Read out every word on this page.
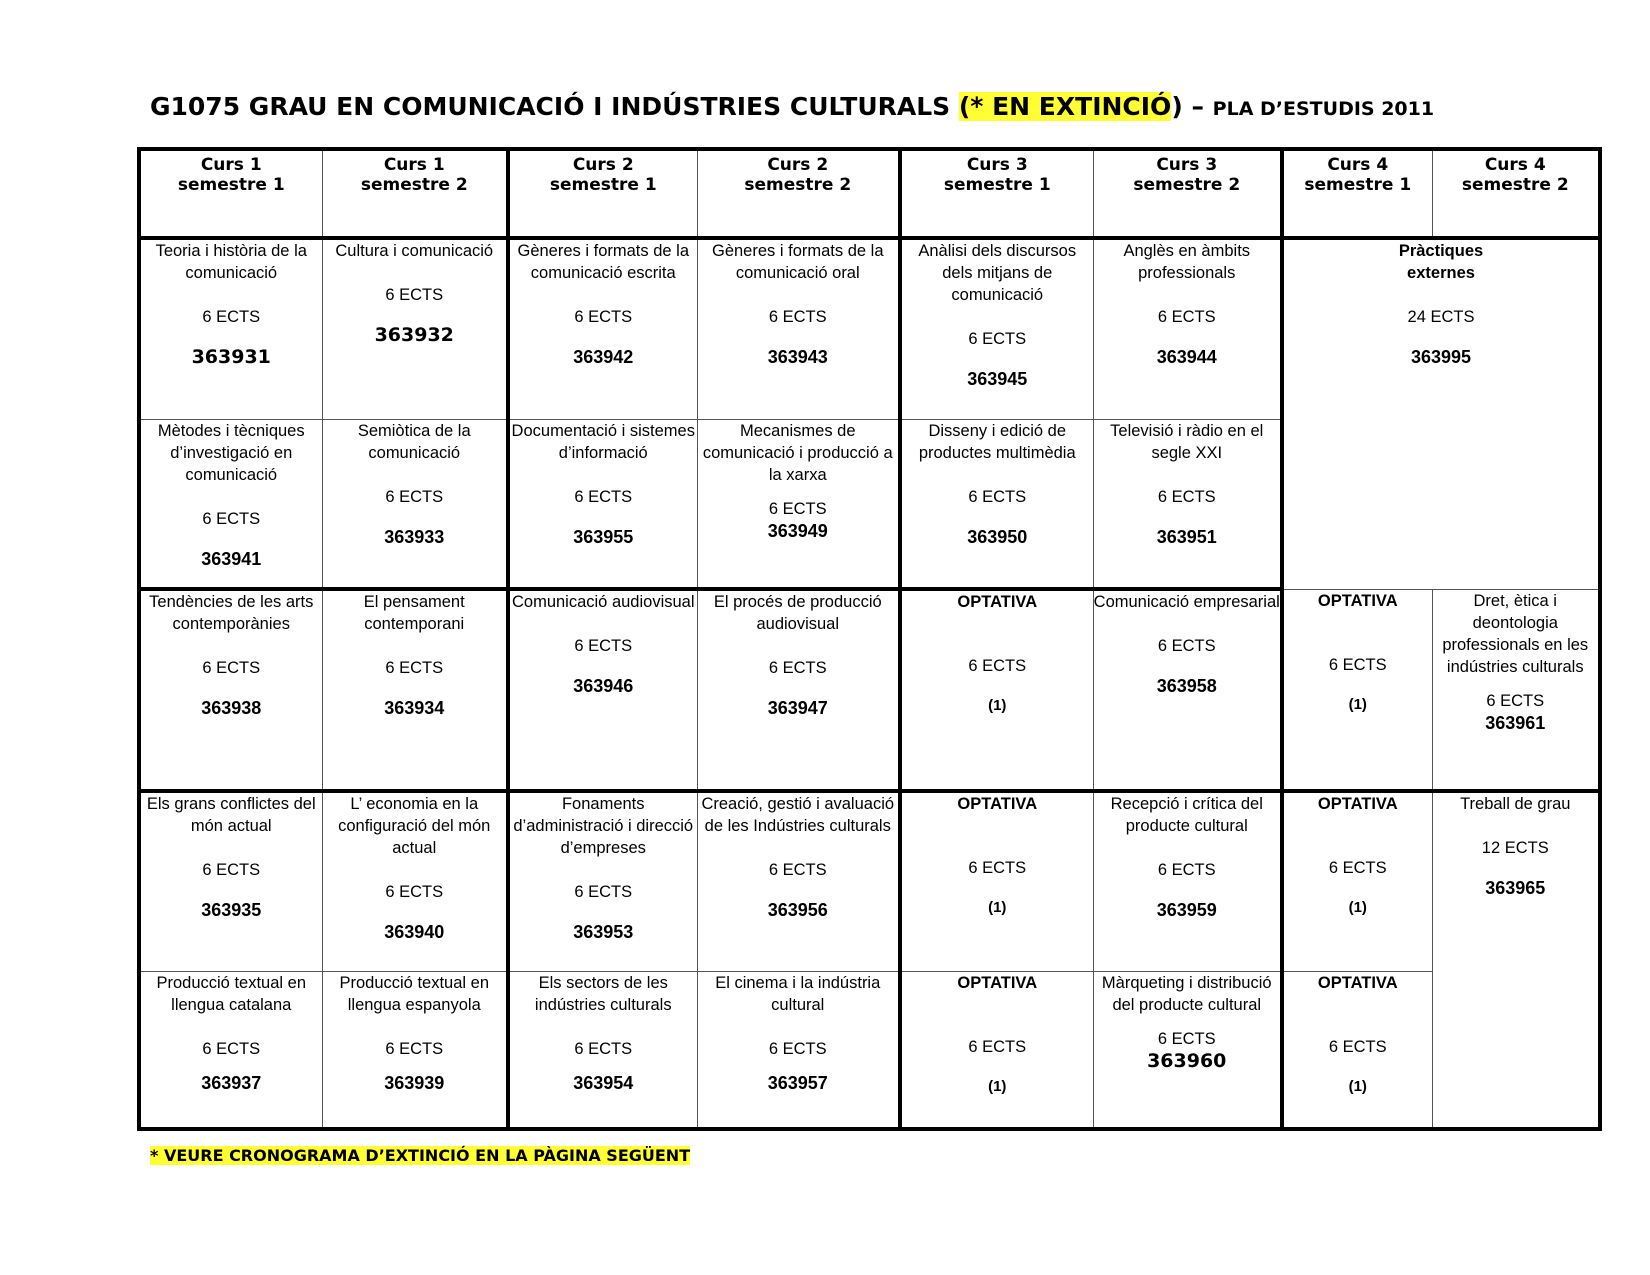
G1075 GRAU EN COMUNICACIÓ I INDÚSTRIES CULTURALS (* EN EXTINCIÓ) – PLA D’ESTUDIS 2011
Curs 1
semestre 1	Curs 1
semestre 2	Curs 2
semestre 1	Curs 2
semestre 2	Curs 3
semestre 1	Curs 3
semestre 2	Curs 4
semestre 1	Curs 4
semestre 2

Teoria i història de la comunicació
6 ECTS
363931	Cultura i comunicació
6 ECTS
363932	Gèneres i formats de la comunicació escrita
6 ECTS
363942	Gèneres i formats de la comunicació oral
6 ECTS
363943	Anàlisi dels discursos dels mitjans de comunicació
6 ECTS
363945	Anglès en àmbits professionals
6 ECTS
363944	Pràctiques externes
24 ECTS
363995	

Mètodes i tècniques d’investigació en comunicació
6 ECTS
363941	Semiòtica de la comunicació
6 ECTS
363933	Documentació i sistemes d’informació
6 ECTS
363955	Mecanismes de comunicació i producció a la xarxa
6 ECTS
363949	Disseny i edició de productes multimèdia
6 ECTS
363950	Televisió i ràdio en el segle XXI
6 ECTS
363951		

Tendències de les arts contemporànies
6 ECTS
363938	El pensament contemporani
6 ECTS
363934	Comunicació audiovisual
6 ECTS
363946	El procés de producció audiovisual
6 ECTS
363947	OPTATIVA
6 ECTS
(1)	Comunicació empresarial
6 ECTS
363958	OPTATIVA
6 ECTS
(1)	Dret, ètica i deontologia professionals en les indústries culturals
6 ECTS
363961

Els grans conflictes del món actual
6 ECTS
363935	L’ economia en la configuració del món actual
6 ECTS
363940	Fonaments d’administració i direcció d’empreses
6 ECTS
363953	Creació, gestió i avaluació de les Indústries culturals
6 ECTS
363956	OPTATIVA
6 ECTS
(1)	Recepció i crítica del producte cultural
6 ECTS
363959	OPTATIVA
6 ECTS
(1)	Treball de grau
12 ECTS
363965

Producció textual en llengua catalana
6 ECTS
363937	Producció textual en llengua espanyola
6 ECTS
363939	Els sectors de les indústries culturals
6 ECTS
363954	El cinema i la indústria cultural
6 ECTS
363957	OPTATIVA
6 ECTS
(1)	Màrqueting i distribució del producte cultural
6 ECTS
363960	OPTATIVA
6 ECTS
(1)	
* VEURE CRONOGRAMA D’EXTINCIÓ EN LA PÀGINA SEGÜENT
